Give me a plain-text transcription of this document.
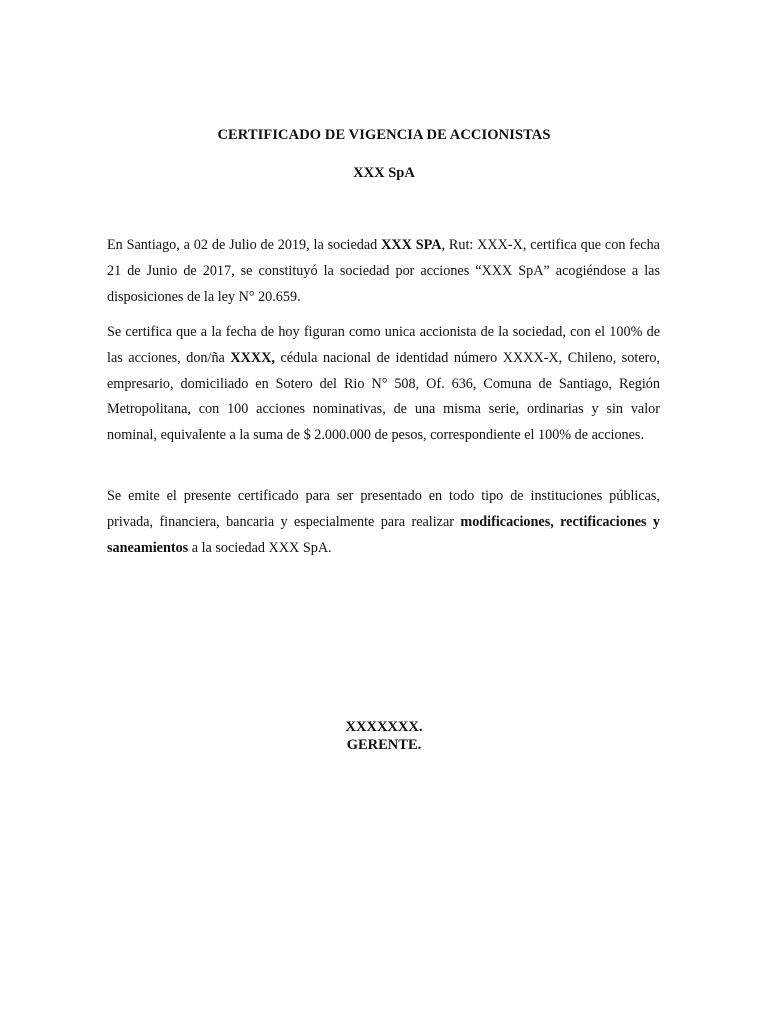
CERTIFICADO DE VIGENCIA DE ACCIONISTAS
XXX SpA

En Santiago, a 02 de Julio de 2019, la sociedad XXX SPA, Rut: XXX-X, certifica que con fecha 21 de Junio de 2017, se constituyó la sociedad por acciones “XXX SpA” acogiéndose a las disposiciones de la ley N° 20.659.

Se certifica que a la fecha de hoy figuran como unica accionista de la sociedad, con el 100% de las acciones, don/ña XXXX, cédula nacional de identidad número XXXX-X, Chileno, sotero, empresario, domiciliado en Sotero del Rio N° 508, Of. 636, Comuna de Santiago, Región Metropolitana, con 100 acciones nominativas, de una misma serie, ordinarias y sin valor nominal, equivalente a la suma de $ 2.000.000 de pesos, correspondiente el 100% de acciones.

Se emite el presente certificado para ser presentado en todo tipo de instituciones públicas, privada, financiera, bancaria y especialmente para realizar modificaciones, rectificaciones y saneamientos a la sociedad XXX SpA.

XXXXXXX.
GERENTE.
